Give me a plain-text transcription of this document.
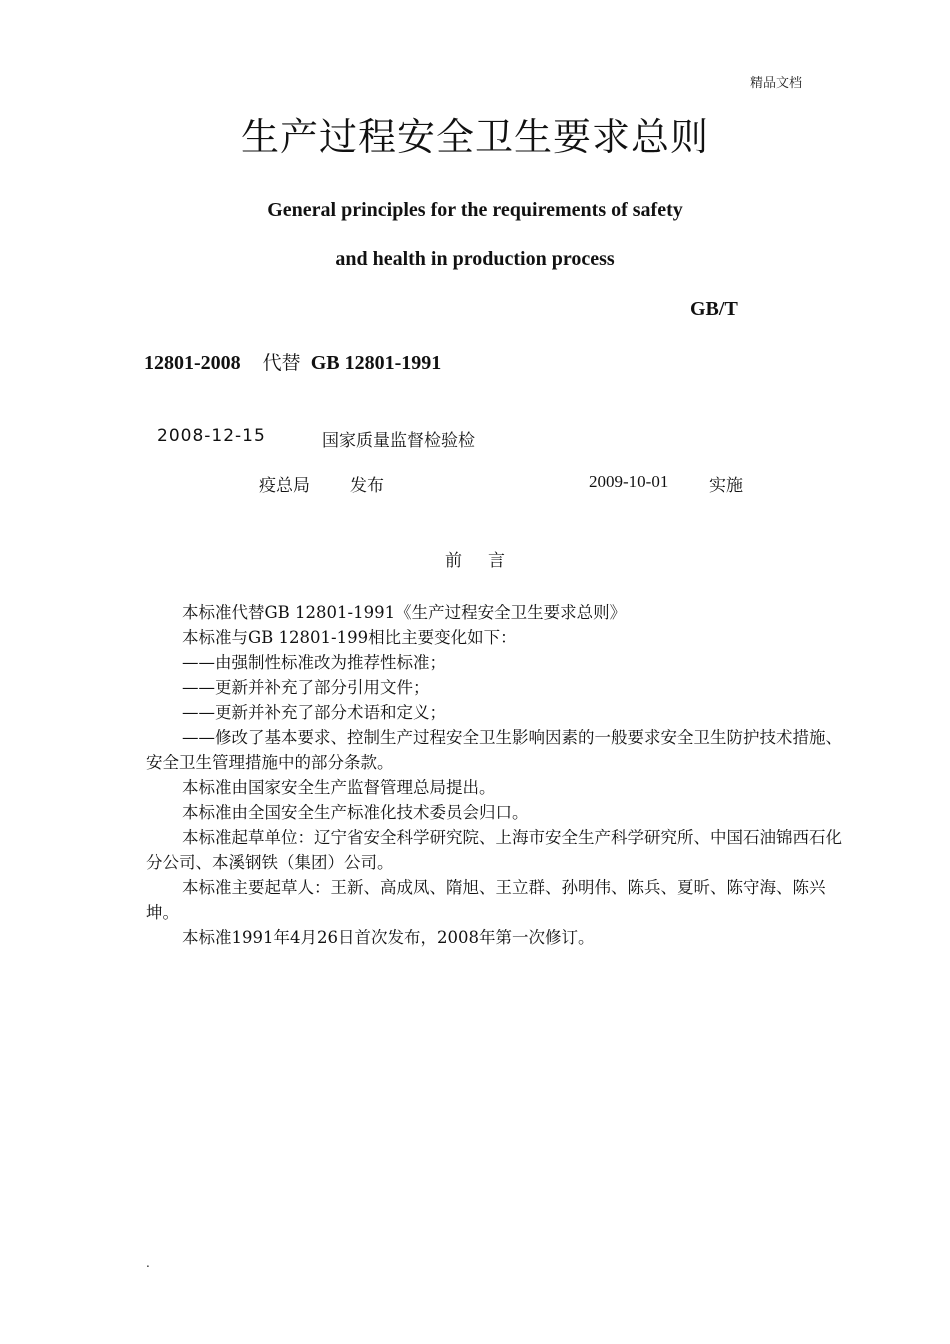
精品文档
生产过程安全卫生要求总则
General principles for the requirements of safety
and health in production process
GB/T
12801-2008 代替 GB 12801-1991
2008-12-15	国家质量监督检验检
疫总局 发布	2009-10-01 实施
前言

本标准代替GB 12801-1991《生产过程安全卫生要求总则》

本标准与GB 12801-199相比主要变化如下：

——由强制性标准改为推荐性标准；

——更新并补充了部分引用文件；

——更新并补充了部分术语和定义；

——修改了基本要求、控制生产过程安全卫生影响因素的一般要求安全卫生防护技术措施、安全卫生管理措施中的部分条款。

本标准由国家安全生产监督管理总局提出。

本标准由全国安全生产标准化技术委员会归口。

本标准起草单位：辽宁省安全科学研究院、上海市安全生产科学研究所、中国石油锦西石化分公司、本溪钢铁（集团）公司。

本标准主要起草人：王新、高成凤、隋旭、王立群、孙明伟、陈兵、夏昕、陈守海、陈兴坤。

本标准1991年4月26日首次发布，2008年第一次修订。

.
